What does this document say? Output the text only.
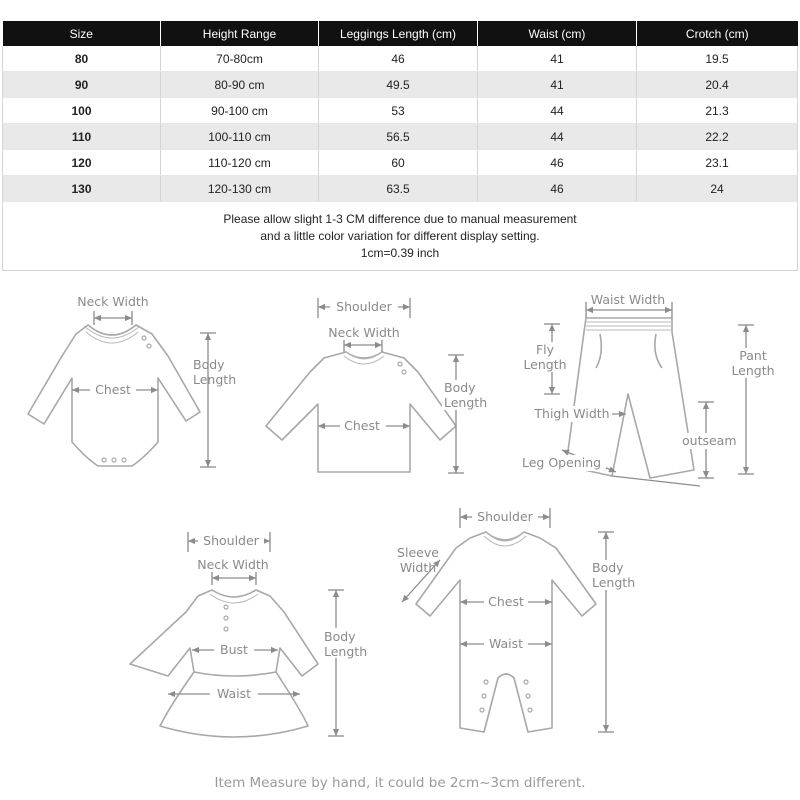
Size	Height Range	Leggings Length (cm)	Waist (cm)	Crotch (cm)
80	70-80cm	46	41	19.5
90	80-90 cm	49.5	41	20.4
100	90-100 cm	53	44	21.3
110	100-110 cm	56.5	44	22.2
120	110-120 cm	60	46	23.1
130	120-130 cm	63.5	46	24

Please allow slight 1-3 CM difference due to manual measurement
and a little color variation for different display setting.
1cm=0.39 inch				
Neck Width
Chest
Body
Length
Shoulder
Neck Width
Chest
Body
Length
Waist Width
Fly
Length
Pant
Length
Thigh Width
outseam
Leg Opening
Shoulder
Neck Width
Bust
Waist
Body
Length
Shoulder
Sleeve
Width
Chest
Waist
Body
Length
Item Measure by hand, it could be 2cm~3cm different.
